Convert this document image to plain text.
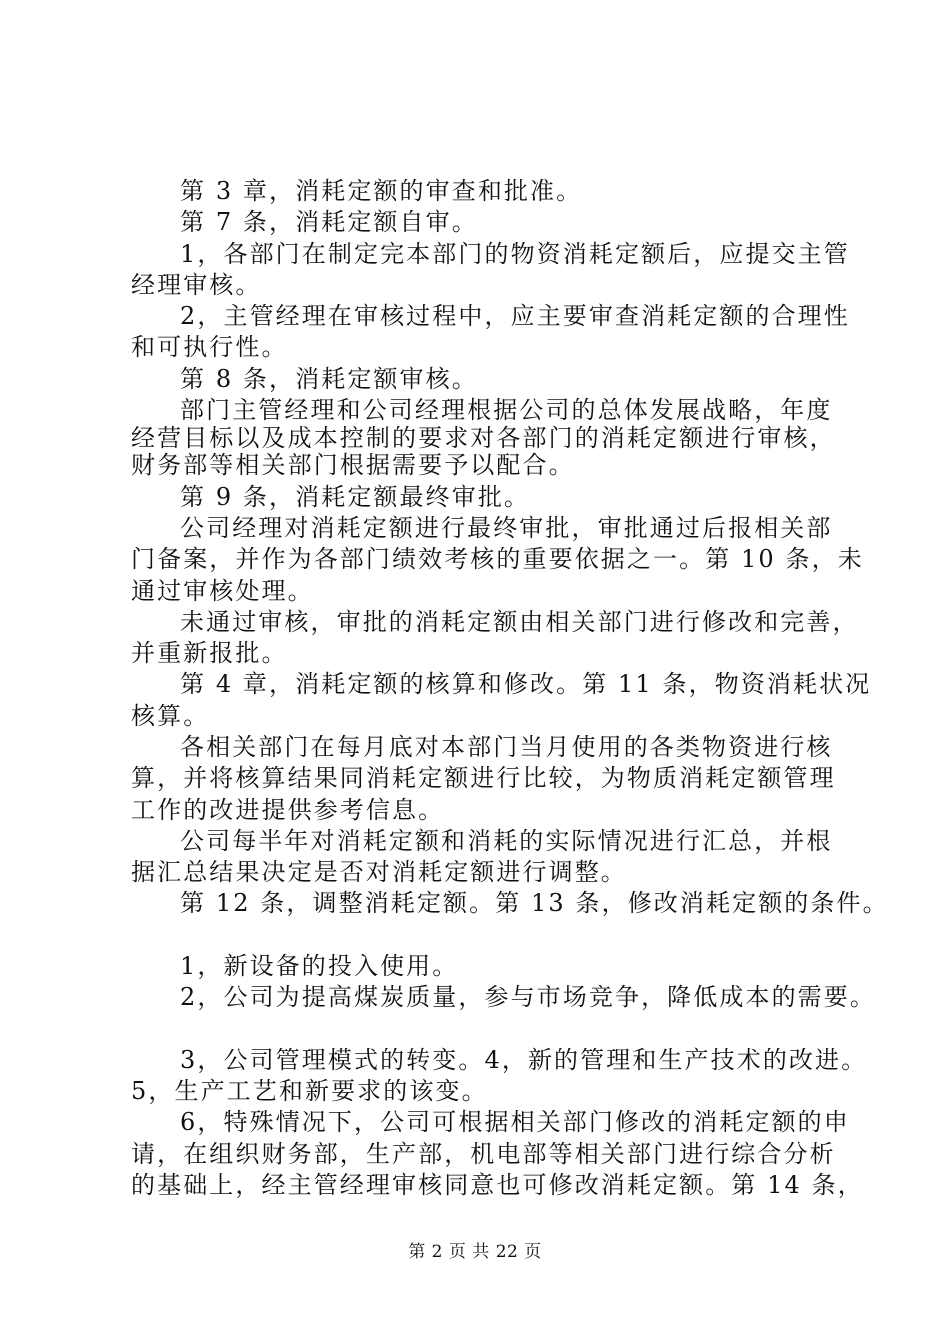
第 3 章，消耗定额的审查和批准。
第 7 条，消耗定额自审。
1，各部门在制定完本部门的物资消耗定额后，应提交主管
经理审核。
2，主管经理在审核过程中，应主要审查消耗定额的合理性
和可执行性。
第 8 条，消耗定额审核。
部门主管经理和公司经理根据公司的总体发展战略，年度
经营目标以及成本控制的要求对各部门的消耗定额进行审核，
财务部等相关部门根据需要予以配合。
第 9 条，消耗定额最终审批。
公司经理对消耗定额进行最终审批，审批通过后报相关部
门备案，并作为各部门绩效考核的重要依据之一。第 10 条，未
通过审核处理。
未通过审核，审批的消耗定额由相关部门进行修改和完善，
并重新报批。
第 4 章，消耗定额的核算和修改。第 11 条，物资消耗状况
核算。
各相关部门在每月底对本部门当月使用的各类物资进行核
算，并将核算结果同消耗定额进行比较，为物质消耗定额管理
工作的改进提供参考信息。
公司每半年对消耗定额和消耗的实际情况进行汇总，并根
据汇总结果决定是否对消耗定额进行调整。
第 12 条，调整消耗定额。第 13 条，修改消耗定额的条件。
1，新设备的投入使用。
2，公司为提高煤炭质量，参与市场竞争，降低成本的需要。
3，公司管理模式的转变。4，新的管理和生产技术的改进。
5，生产工艺和新要求的该变。
6，特殊情况下，公司可根据相关部门修改的消耗定额的申
请，在组织财务部，生产部，机电部等相关部门进行综合分析
的基础上，经主管经理审核同意也可修改消耗定额。第 14 条，
第 2 页 共 22 页
